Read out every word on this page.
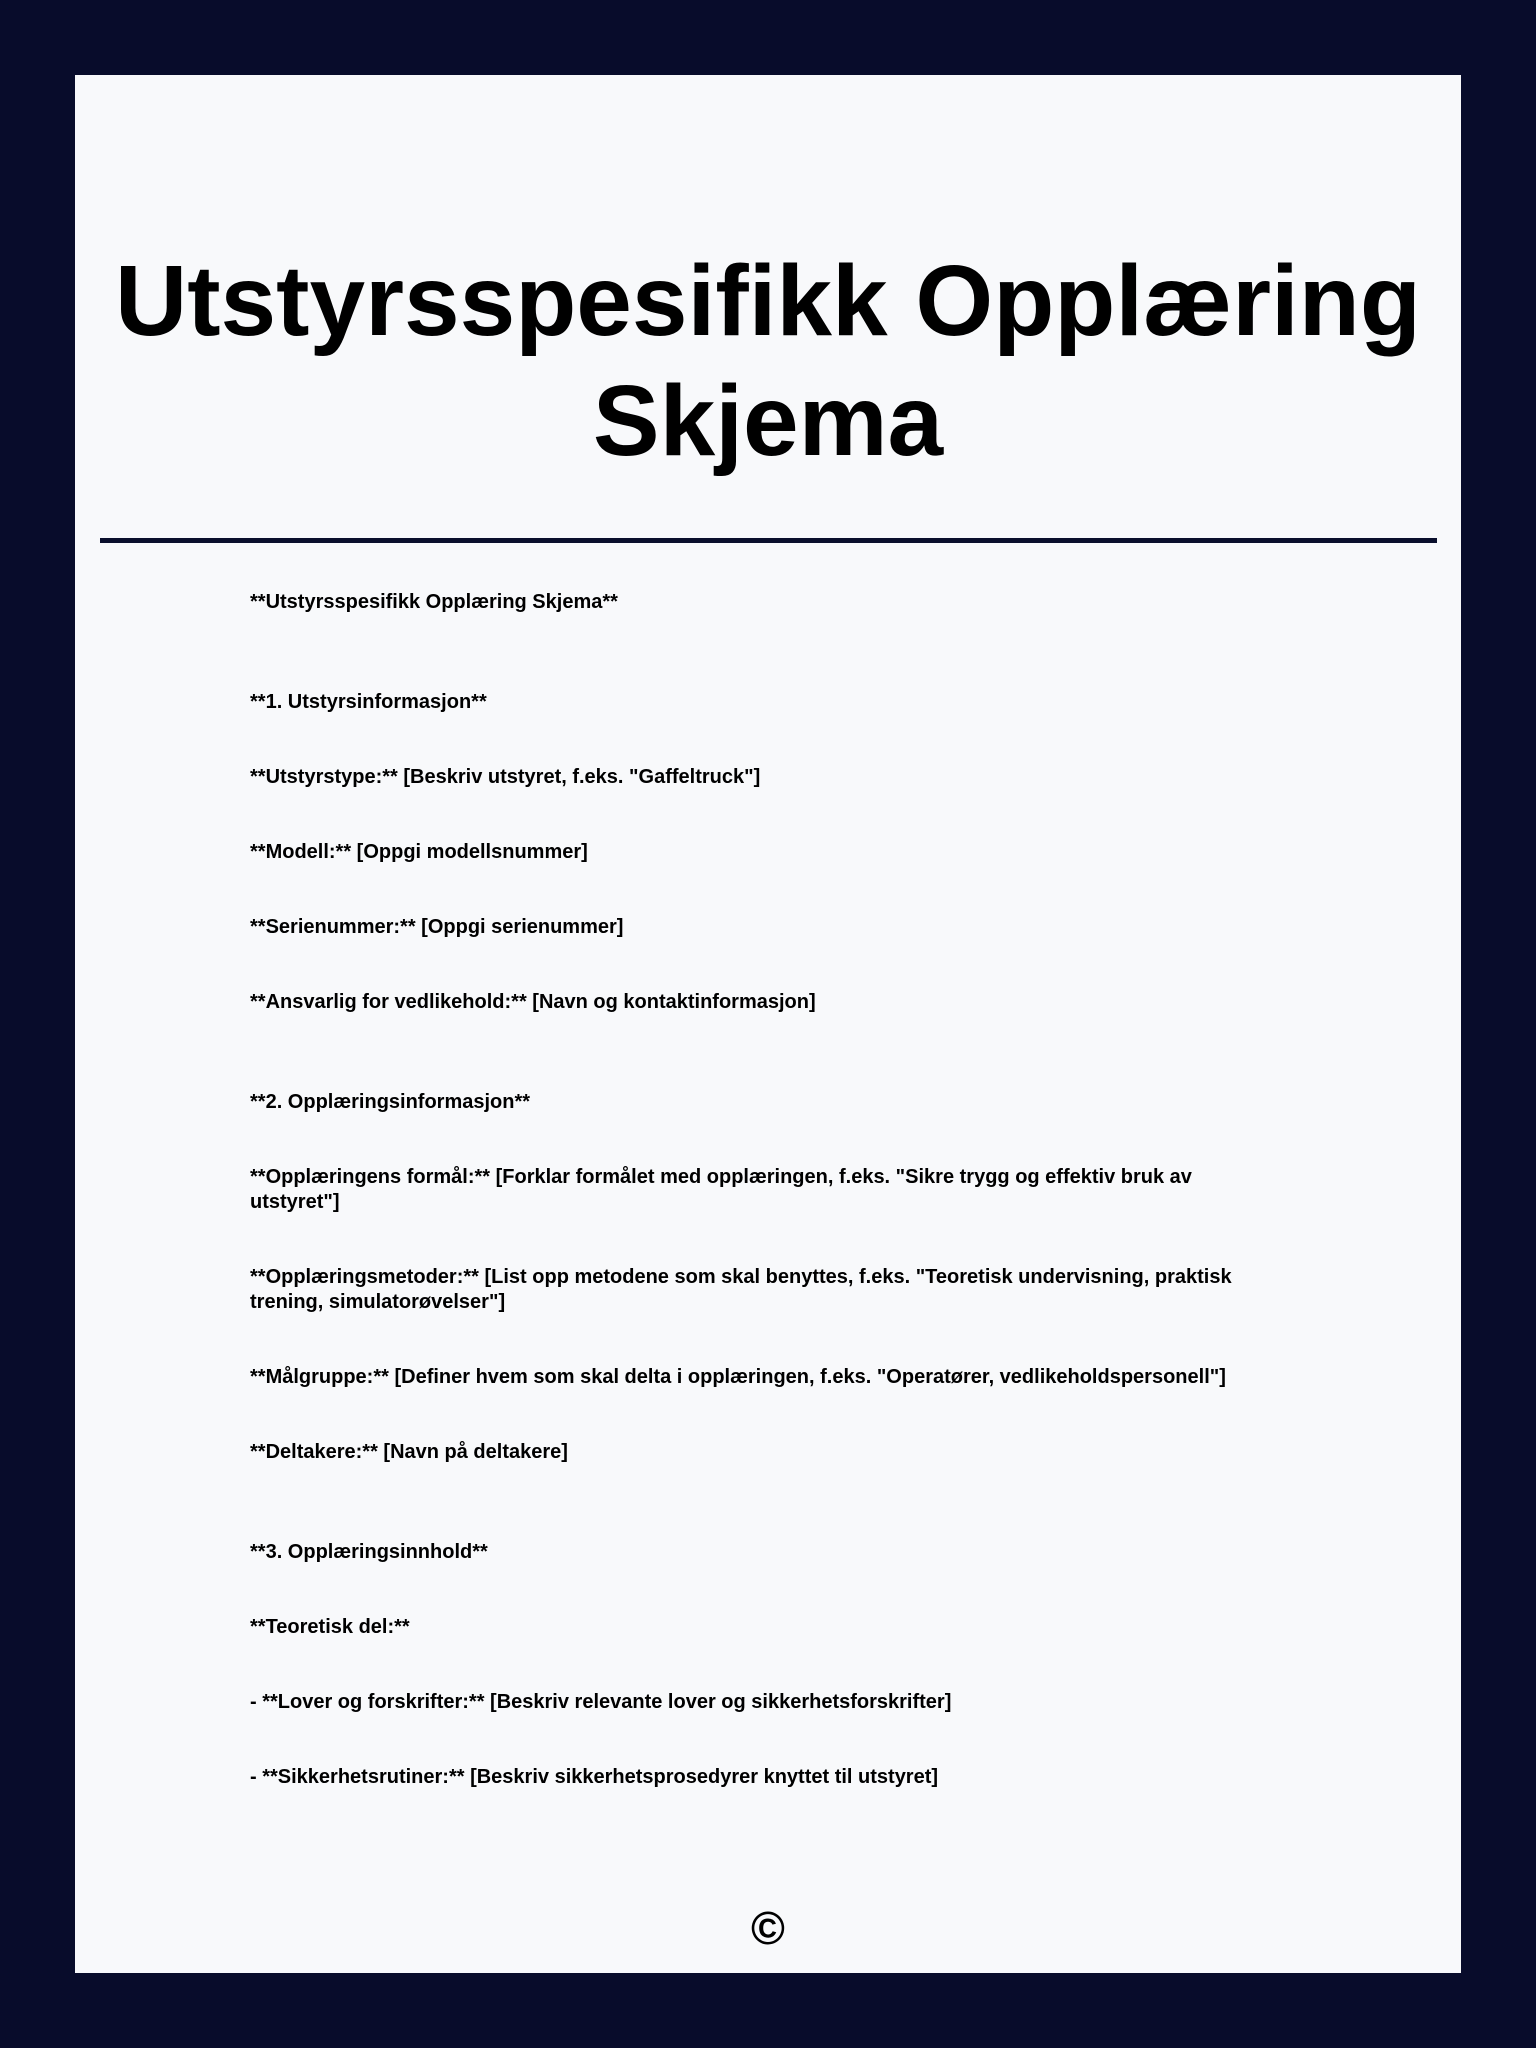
Utstyrsspesifikk Opplæring Skjema

**Utstyrsspesifikk Opplæring Skjema**

**1. Utstyrsinformasjon**

**Utstyrstype:** [Beskriv utstyret, f.eks. "Gaffeltruck"]

**Modell:** [Oppgi modellsnummer]

**Serienummer:** [Oppgi serienummer]

**Ansvarlig for vedlikehold:** [Navn og kontaktinformasjon]

**2. Opplæringsinformasjon**

**Opplæringens formål:** [Forklar formålet med opplæringen, f.eks. "Sikre trygg og effektiv bruk av utstyret"]

**Opplæringsmetoder:** [List opp metodene som skal benyttes, f.eks. "Teoretisk undervisning, praktisk trening, simulatorøvelser"]

**Målgruppe:** [Definer hvem som skal delta i opplæringen, f.eks. "Operatører, vedlikeholdspersonell"]

**Deltakere:** [Navn på deltakere]

**3. Opplæringsinnhold**

**Teoretisk del:**

- **Lover og forskrifter:** [Beskriv relevante lover og sikkerhetsforskrifter]

- **Sikkerhetsrutiner:** [Beskriv sikkerhetsprosedyrer knyttet til utstyret]

©
